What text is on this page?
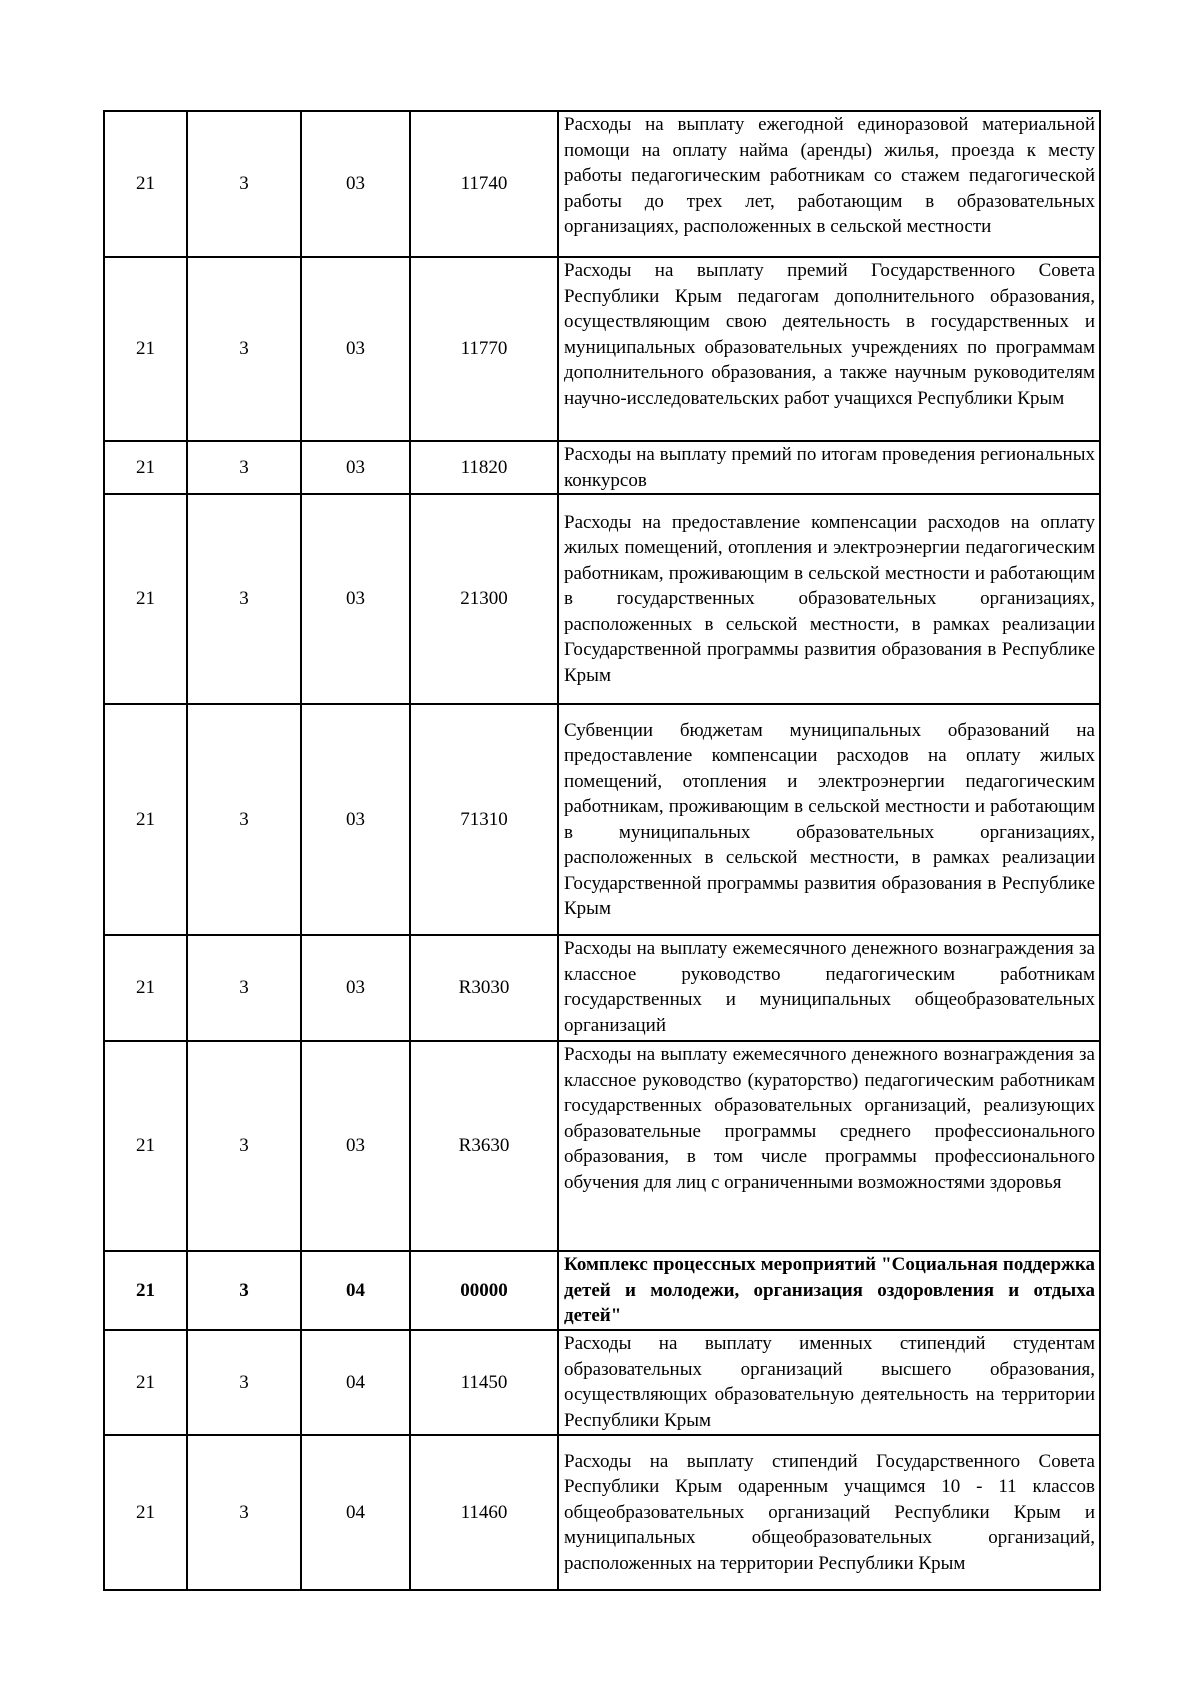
21	3	03	11740	Расходы на выплату ежегодной единоразовой материальной помощи на оплату найма (аренды) жилья, проезда к месту работы педагогическим работникам со стажем педагогической работы до трех лет, работающим в образовательных организациях, расположенных в сельской местности
21	3	03	11770	Расходы на выплату премий Государственного Совета Республики Крым педагогам дополнительного образования, осуществляющим свою деятельность в государственных и муниципальных образовательных учреждениях по программам дополнительного образования, а также научным руководителям научно-исследовательских работ учащихся Республики Крым
21	3	03	11820	Расходы на выплату премий по итогам проведения региональных конкурсов
21	3	03	21300	Расходы на предоставление компенсации расходов на оплату жилых помещений, отопления и электроэнергии педагогическим работникам, проживающим в сельской местности и работающим в государственных образовательных организациях, расположенных в сельской местности, в рамках реализации Государственной программы развития образования в Республике Крым
21	3	03	71310	Субвенции бюджетам муниципальных образований на предоставление компенсации расходов на оплату жилых помещений, отопления и электроэнергии педагогическим работникам, проживающим в сельской местности и работающим в муниципальных образовательных организациях, расположенных в сельской местности, в рамках реализации Государственной программы развития образования в Республике Крым
21	3	03	R3030	Расходы на выплату ежемесячного денежного вознаграждения за классное руководство педагогическим работникам государственных и муниципальных общеобразовательных организаций
21	3	03	R3630	Расходы на выплату ежемесячного денежного вознаграждения за классное руководство (кураторство) педагогическим работникам государственных образовательных организаций, реализующих образовательные программы среднего профессионального образования, в том числе программы профессионального обучения для лиц с ограниченными возможностями здоровья
21	3	04	00000	Комплекс процессных мероприятий "Социальная поддержка детей и молодежи, организация оздоровления и отдыха детей"
21	3	04	11450	Расходы на выплату именных стипендий студентам образовательных организаций высшего образования, осуществляющих образовательную деятельность на территории Республики Крым
21	3	04	11460	Расходы на выплату стипендий Государственного Совета Республики Крым одаренным учащимся 10 - 11 классов общеобразовательных организаций Республики Крым и муниципальных общеобразовательных организаций, расположенных на территории Республики Крым
